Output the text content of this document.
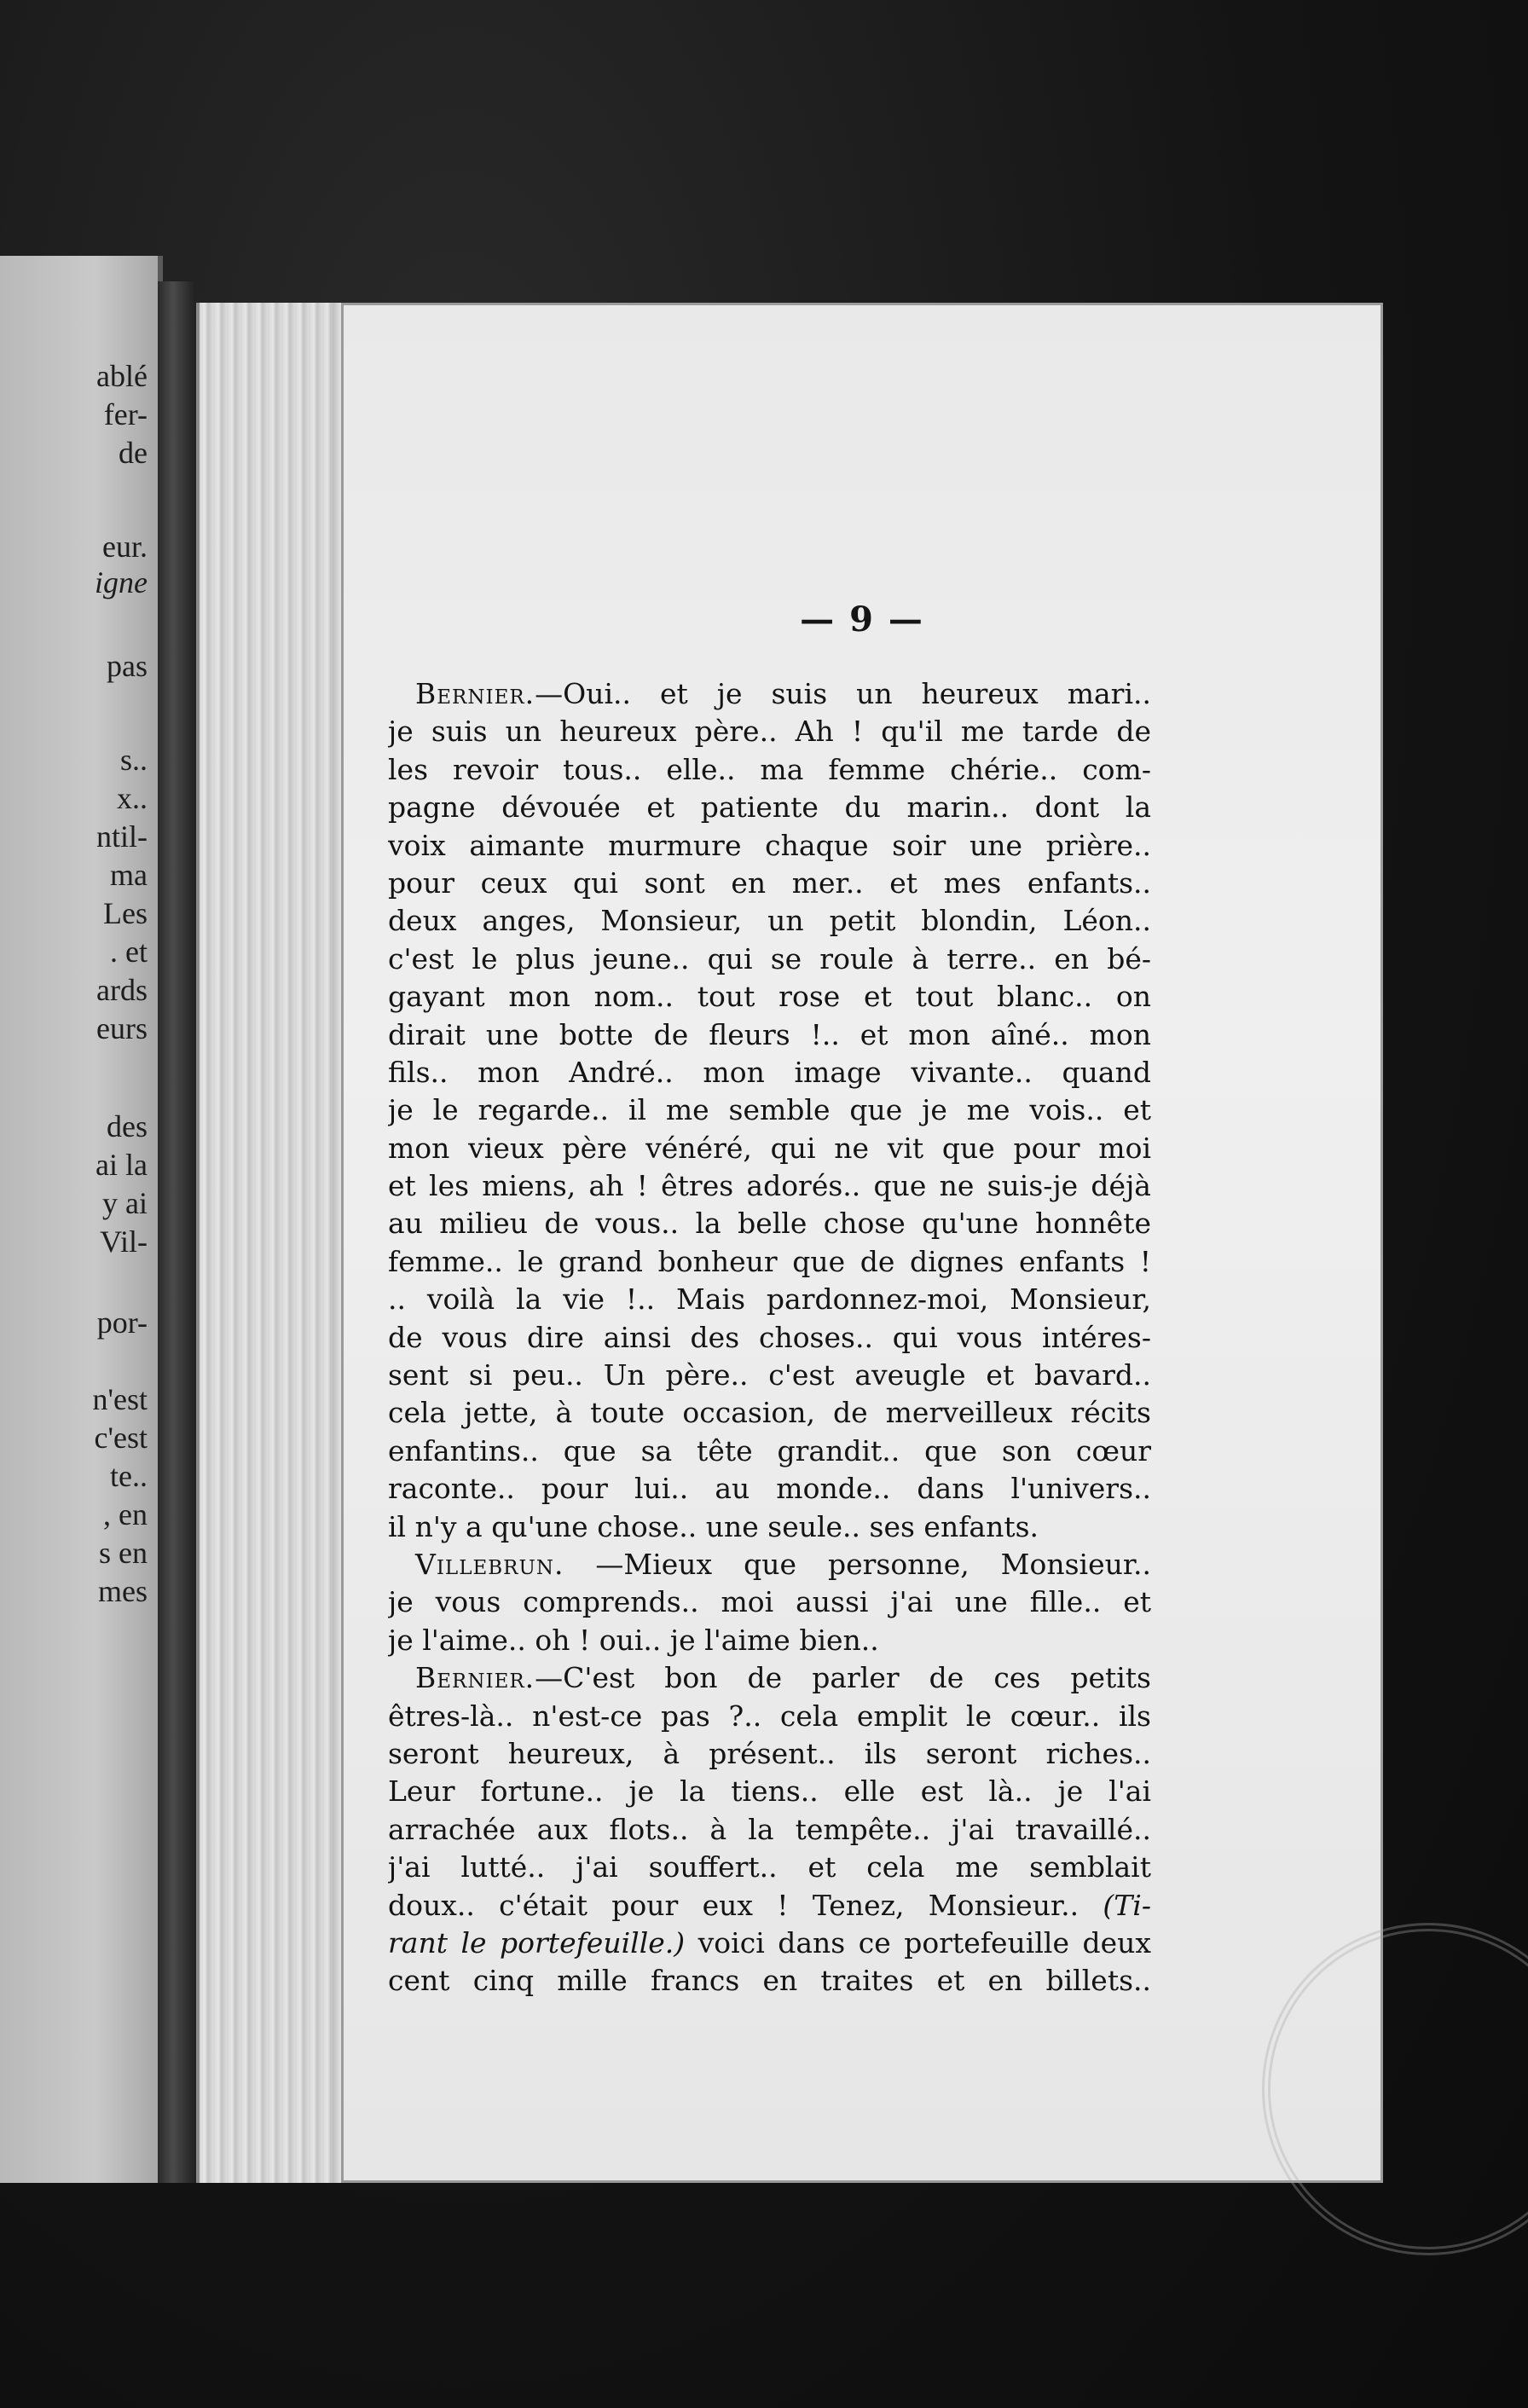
ablé
fer-
de
eur.
igne
pas
s..
x..
ntil-
ma
Les
. et
ards
eurs
des
ai la
y ai
Vil-
por-
n'est
c'est
te..
, en
s en
mes
— 9 —
Bernier.—Oui.. et je suis un heureux mari..
je suis un heureux père.. Ah ! qu'il me tarde de
les revoir tous.. elle.. ma femme chérie.. com-
pagne dévouée et patiente du marin.. dont la
voix aimante murmure chaque soir une prière..
pour ceux qui sont en mer.. et mes enfants..
deux anges, Monsieur, un petit blondin, Léon..
c'est le plus jeune.. qui se roule à terre.. en bé-
gayant mon nom.. tout rose et tout blanc.. on
dirait une botte de fleurs !.. et mon aîné.. mon
fils.. mon André.. mon image vivante.. quand
je le regarde.. il me semble que je me vois.. et
mon vieux père vénéré, qui ne vit que pour moi
et les miens, ah ! êtres adorés.. que ne suis-je déjà
au milieu de vous.. la belle chose qu'une honnête
femme.. le grand bonheur que de dignes enfants !
.. voilà la vie !.. Mais pardonnez-moi, Monsieur,
de vous dire ainsi des choses.. qui vous intéres-
sent si peu.. Un père.. c'est aveugle et bavard..
cela jette, à toute occasion, de merveilleux récits
enfantins.. que sa tête grandit.. que son cœur
raconte.. pour lui.. au monde.. dans l'univers..
il n'y a qu'une chose.. une seule.. ses enfants.
Villebrun. —Mieux que personne, Monsieur..
je vous comprends.. moi aussi j'ai une fille.. et
je l'aime.. oh ! oui.. je l'aime bien..
Bernier.—C'est bon de parler de ces petits
êtres-là.. n'est-ce pas ?.. cela emplit le cœur.. ils
seront heureux, à présent.. ils seront riches..
Leur fortune.. je la tiens.. elle est là.. je l'ai
arrachée aux flots.. à la tempête.. j'ai travaillé..
j'ai lutté.. j'ai souffert.. et cela me semblait
doux.. c'était pour eux ! Tenez, Monsieur.. (Ti-
rant le portefeuille.) voici dans ce portefeuille deux
cent cinq mille francs en traites et en billets..
